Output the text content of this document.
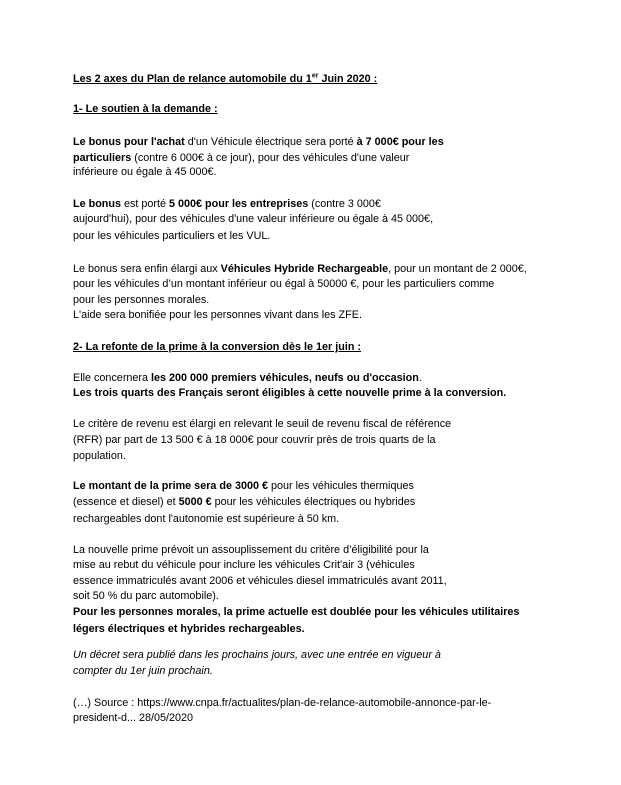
Les 2 axes du Plan de relance automobile du 1er Juin 2020 :
1- Le soutien à la demande :
Le bonus pour l'achat d'un Véhicule électrique sera porté à 7 000€ pour les
particuliers (contre 6 000€ à ce jour), pour des véhicules d'une valeur
inférieure ou égale à 45 000€.
Le bonus est porté 5 000€ pour les entreprises (contre 3 000€
aujourd'hui), pour des véhicules d'une valeur inférieure ou égale à 45 000€,
pour les véhicules particuliers et les VUL.
Le bonus sera enfin élargi aux Véhicules Hybride Rechargeable, pour un montant de 2 000€,
pour les véhicules d’un montant inférieur ou égal à 50000 €, pour les particuliers comme
pour les personnes morales.
L'aide sera bonifiée pour les personnes vivant dans les ZFE.
2- La refonte de la prime à la conversion dès le 1er juin :
Elle concernera les 200 000 premiers véhicules, neufs ou d'occasion.
Les trois quarts des Français seront éligibles à cette nouvelle prime à la conversion.
Le critère de revenu est élargi en relevant le seuil de revenu fiscal de référence
(RFR) par part de 13 500 € à 18 000€ pour couvrir près de trois quarts de la
population.
Le montant de la prime sera de 3000 € pour les véhicules thermiques
(essence et diesel) et 5000 € pour les véhicules électriques ou hybrides
rechargeables dont l'autonomie est supérieure à 50 km.
La nouvelle prime prévoit un assouplissement du critère d’éligibilité pour la
mise au rebut du véhicule pour inclure les véhicules Crit'air 3 (véhicules
essence immatriculés avant 2006 et véhicules diesel immatriculés avant 2011,
soit 50 % du parc automobile).
Pour les personnes morales, la prime actuelle est doublée pour les véhicules utilitaires
légers électriques et hybrides rechargeables.
Un décret sera publié dans les prochains jours, avec une entrée en vigueur à
compter du 1er juin prochain.
(…) Source : https://www.cnpa.fr/actualites/plan-de-relance-automobile-annonce-par-le-
president-d... 28/05/2020
